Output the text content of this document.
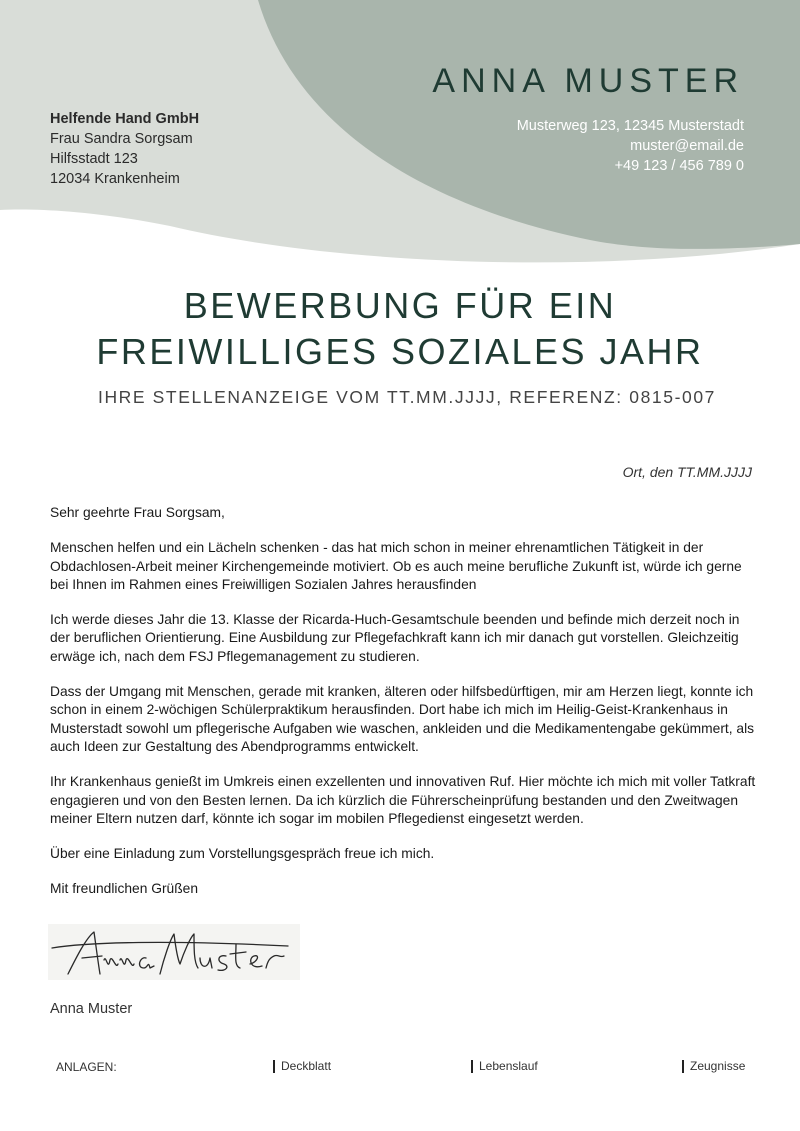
ANNA MUSTER
Musterweg 123, 12345 Musterstadt
muster@email.de
+49 123 / 456 789 0
Helfende Hand GmbH
Frau Sandra Sorgsam
Hilfsstadt 123
12034 Krankenheim
BEWERBUNG FÜR EIN
FREIWILLIGES SOZIALES JAHR
IHRE STELLENANZEIGE VOM TT.MM.JJJJ, REFERENZ: 0815-007
Ort, den TT.MM.JJJJ

Sehr geehrte Frau Sorgsam,

Menschen helfen und ein Lächeln schenken - das hat mich schon in meiner ehrenamtlichen Tätigkeit in der Obdachlosen-Arbeit meiner Kirchengemeinde motiviert. Ob es auch meine berufliche Zukunft ist, würde ich gerne bei Ihnen im Rahmen eines Freiwilligen Sozialen Jahres herausfinden

Ich werde dieses Jahr die 13. Klasse der Ricarda-Huch-Gesamtschule beenden und befinde mich derzeit noch in der beruflichen Orientierung. Eine Ausbildung zur Pflegefachkraft kann ich mir danach gut vorstellen. Gleichzeitig erwäge ich, nach dem FSJ Pflegemanagement zu studieren.

Dass der Umgang mit Menschen, gerade mit kranken, älteren oder hilfsbedürftigen, mir am Herzen liegt, konnte ich schon in einem 2-wöchigen Schülerpraktikum herausfinden. Dort habe ich mich im Heilig-Geist-Krankenhaus in Musterstadt sowohl um pflegerische Aufgaben wie waschen, ankleiden und die Medikamentengabe gekümmert, als auch Ideen zur Gestaltung des Abendprogramms entwickelt.

Ihr Krankenhaus genießt im Umkreis einen exzellenten und innovativen Ruf. Hier möchte ich mich mit voller Tatkraft engagieren und von den Besten lernen. Da ich kürzlich die Führerscheinprüfung bestanden und den Zweitwagen meiner Eltern nutzen darf, könnte ich sogar im mobilen Pflegedienst eingesetzt werden.

Über eine Einladung zum Vorstellungsgespräch freue ich mich.

Mit freundlichen Grüßen

Anna Muster
ANLAGEN:	Deckblatt	Lebenslauf	Zeugnisse
